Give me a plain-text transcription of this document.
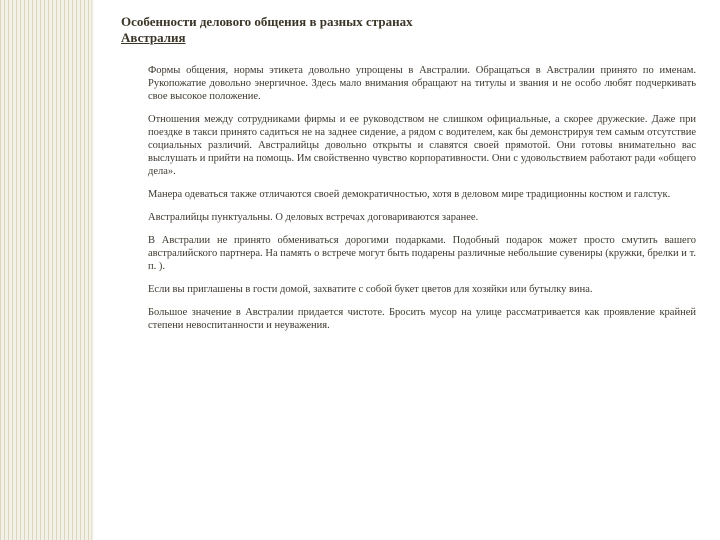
Особенности делового общения в разных странах
Австралия
Формы общения, нормы этикета довольно упрощены в Австралии. Обращаться в Австралии принято по именам. Рукопожатие довольно энергичное. Здесь мало внимания обращают на титулы и звания и не особо любят подчеркивать свое высокое положение.
Отношения между сотрудниками фирмы и ее руководством не слишком официальные, а скорее дружеские. Даже при поездке в такси принято садиться не на заднее сидение, а рядом с водителем, как бы демонстрируя тем самым отсутствие социальных различий. Австралийцы довольно открыты и славятся своей прямотой. Они готовы внимательно вас выслушать и прийти на помощь. Им свойственно чувство корпоративности. Они с удовольствием работают ради «общего дела».
Манера одеваться также отличаются своей демократичностью, хотя в деловом мире традиционны костюм и галстук.
Австралийцы пунктуальны. О деловых встречах договариваются заранее.
В Австралии не принято обмениваться дорогими подарками. Подобный подарок может просто смутить вашего австралийского партнера. На память о встрече могут быть подарены различные небольшие сувениры (кружки, брелки и т. п. ).
Если вы приглашены в гости домой, захватите с собой букет цветов для хозяйки или бутылку вина.
Большое значение в Австралии придается чистоте. Бросить мусор на улице рассматривается как проявление крайней степени невоспитанности и неуважения.
